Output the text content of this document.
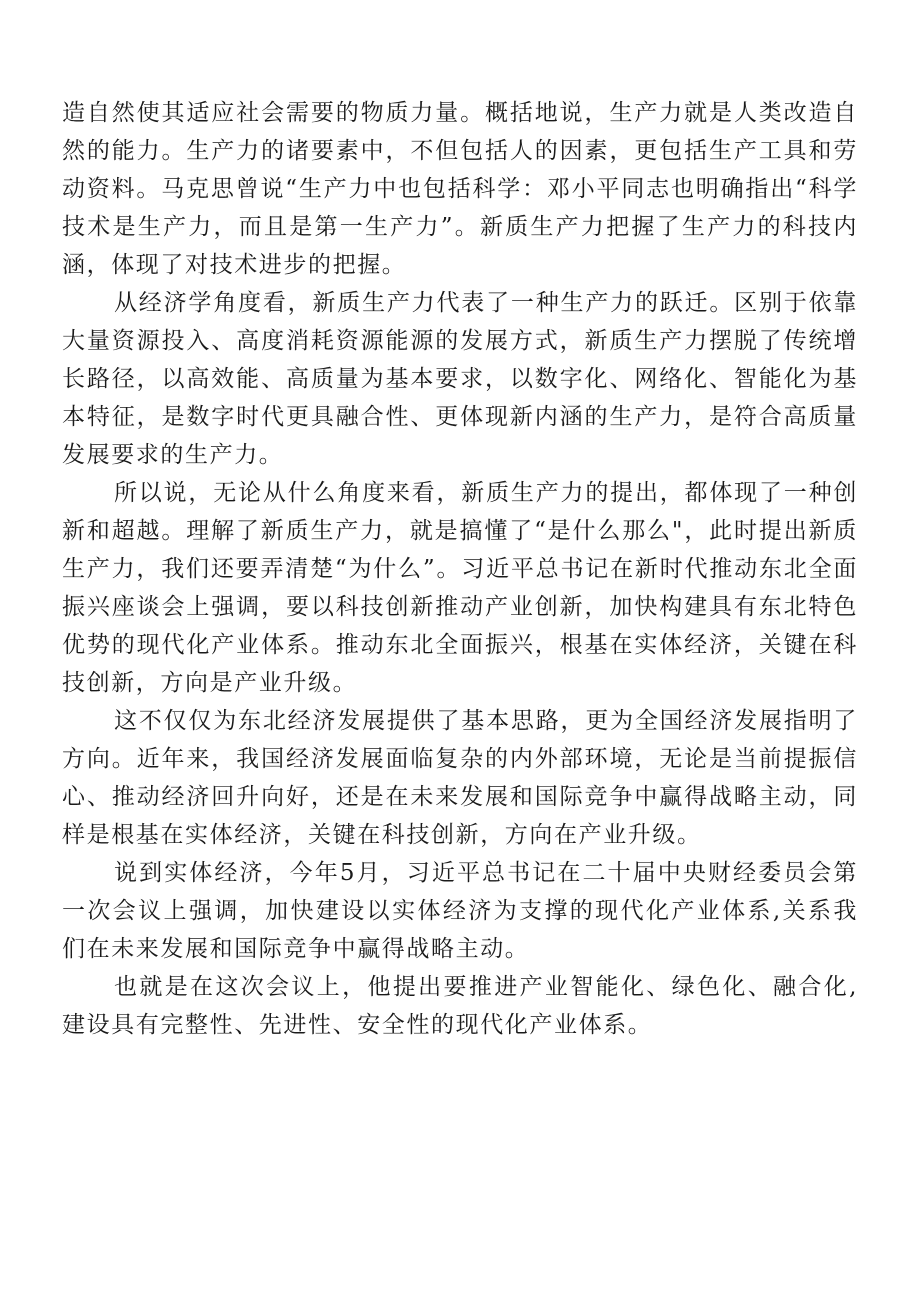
造自然使其适应社会需要的物质力量。概括地说，生产力就是人类改造自然的能力。生产力的诸要素中，不但包括人的因素，更包括生产工具和劳动资料。马克思曾说“生产力中也包括科学：邓小平同志也明确指出“科学技术是生产力，而且是第一生产力”。新质生产力把握了生产力的科技内涵，体现了对技术进步的把握。

从经济学角度看，新质生产力代表了一种生产力的跃迁。区别于依靠大量资源投入、高度消耗资源能源的发展方式，新质生产力摆脱了传统增长路径，以高效能、高质量为基本要求，以数字化、网络化、智能化为基本特征，是数字时代更具融合性、更体现新内涵的生产力，是符合高质量发展要求的生产力。

所以说，无论从什么角度来看，新质生产力的提出，都体现了一种创新和超越。理解了新质生产力，就是搞懂了“是什么那么"，此时提出新质生产力，我们还要弄清楚“为什么”。习近平总书记在新时代推动东北全面振兴座谈会上强调，要以科技创新推动产业创新，加快构建具有东北特色优势的现代化产业体系。推动东北全面振兴，根基在实体经济，关键在科技创新，方向是产业升级。

这不仅仅为东北经济发展提供了基本思路，更为全国经济发展指明了方向。近年来，我国经济发展面临复杂的内外部环境，无论是当前提振信心、推动经济回升向好，还是在未来发展和国际竞争中赢得战略主动，同样是根基在实体经济，关键在科技创新，方向在产业升级。

说到实体经济，今年5月，习近平总书记在二十届中央财经委员会第一次会议上强调，加快建设以实体经济为支撑的现代化产业体系,关系我们在未来发展和国际竞争中赢得战略主动。

也就是在这次会议上，他提出要推进产业智能化、绿色化、融合化,建设具有完整性、先进性、安全性的现代化产业体系。
